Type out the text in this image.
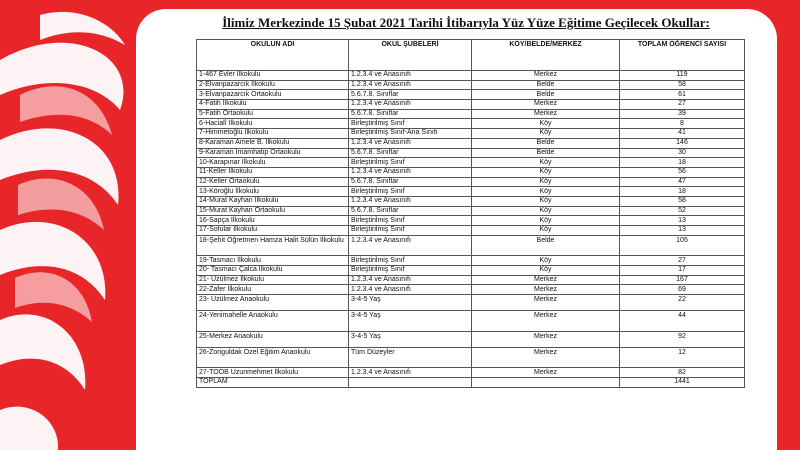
İlimiz Merkezinde 15 Şubat 2021 Tarihi İtibarıyla Yüz Yüze Eğitime Geçilecek Okullar:
OKULUN ADI	OKUL ŞUBELERİ	KÖY/BELDE/MERKEZ	TOPLAM ÖĞRENCİ SAYISI
1-467 Evler İlkokulu	1.2.3.4 ve Anasınıfı	Merkez	119
2-Elvanpazarcık İlkokulu	1.2.3.4 ve Anasınıfı	Belde	58
3-Elvanpazarcık Ortaokulu	5.6.7.8. Sınıflar	Belde	61
4-Fatih İlkokulu	1.2.3.4 ve Anasınıfı	Merkez	27
5-Fatih Ortaokulu	5.6.7.8. Sınıflar	Merkez	39
6-Hacialî İlkokulu	Birleştirilmiş Sınıf	Köy	8
7-Himmetoğlu İlkokulu	Birleştirilmiş Sınıf-Ana Sınıfı	Köy	41
8-Karaman Amele B. İlkokulu	1.2.3.4 ve Anasınıfı	Belde	146
9-Karaman İmamhatip Ortaokulu	5.6.7.8. Sınıflar	Belde	30
10-Karapınar İlkokulu	Birleştirilmiş Sınıf	Köy	18
11-Keller İlkokulu	1.2.3.4 ve Anasınıfı	Köy	56
12-Keller Ortaokulu	5.6.7.8. Sınıflar	Köy	47
13-Köroğlu İlkokulu	Birleştirilmiş Sınıf	Köy	18
14-Murat Kayhan İlkokulu	1.2.3.4 ve Anasınıfı	Köy	58
15-Murat Kayhan Ortaokulu	5.6.7.8. Sınıflar	Köy	52
16-Sapça İlkokulu	Birleştirilmiş Sınıf	Köy	13
17-Sofular İlkokulu	Birleştirilmiş Sınıf	Köy	13
18-Şehit Öğretmen Hamza Halit Sülün İlkokulu	1.2.3.4 ve Anasınıfı	Belde	105
19-Tasmacı İlkokulu	Birleştirilmiş Sınıf	Köy	27
20- Tasmacı Çalca İlkokulu	Birleştirilmiş Sınıf	Köy	17
21- Üzülmez İlkokulu	1.2.3.4 ve Anasınıfı	Merkez	167
22-Zafer İlkokulu	1.2.3.4 ve Anasınıfı	Merkez	69
23- Üzülmez Anaokulu	3-4-5 Yaş	Merkez	22
24-Yenimahelle Anaokulu	3-4-5 Yaş	Merkez	44
25-Merkez Anaokulu	3-4-5 Yaş	Merkez	92
26-Zonguldak Özel Eğitim Anaokulu	Tüm Düzeyler	Merkez	12
27-TOOB Uzunmehmet İlkokulu	1.2.3.4 ve Anasınıfı	Merkez	82
TOPLAM			1441
